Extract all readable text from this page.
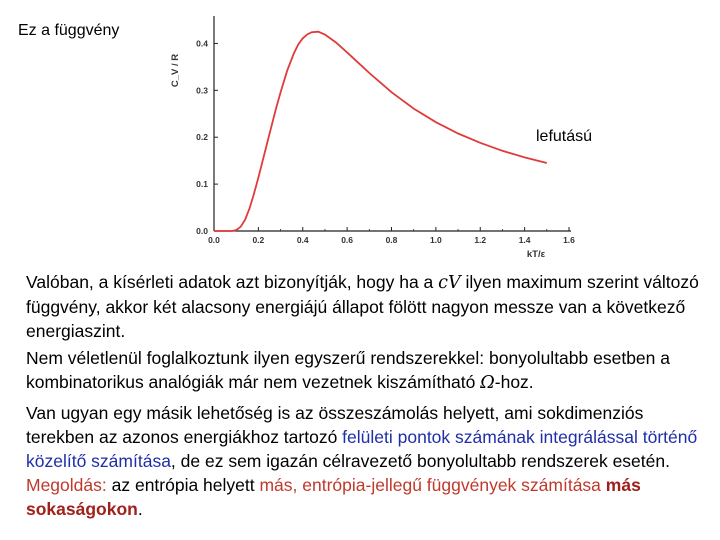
Ez a függvény
lefutású
0.0	0.2	0.4	0.6	0.8	1.0	1.2	1.4	1.6
0.0
0.1
0.2
0.3
0.4
C_V / R
kT/ε
Valóban, a kísérleti adatok azt bizonyítják, hogy ha a cV ilyen maximum szerint változó függvény, akkor két alacsony energiájú állapot fölött nagyon messze van a következő energiaszint.
Nem véletlenül foglalkoztunk ilyen egyszerű rendszerekkel: bonyolultabb esetben a kombinatorikus analógiák már nem vezetnek kiszámítható Ω-hoz.
Van ugyan egy másik lehetőség is az összeszámolás helyett, ami sokdimenziós terekben az azonos energiákhoz tartozó felületi pontok számának integrálással történő közelítő számítása, de ez sem igazán célravezető bonyolultabb rendszerek esetén. Megoldás: az entrópia helyett más, entrópia-jellegű függvények számítása más sokaságokon.
